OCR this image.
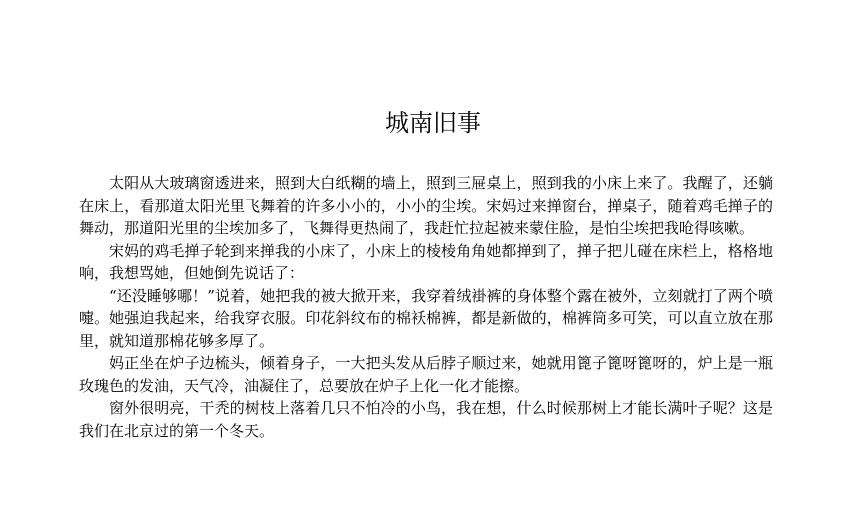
城南旧事

太阳从大玻璃窗透进来，照到大白纸糊的墙上，照到三屉桌上，照到我的小床上来了。我醒了，还躺在床上，看那道太阳光里飞舞着的许多小小的，小小的尘埃。宋妈过来掸窗台，掸桌子，随着鸡毛掸子的舞动，那道阳光里的尘埃加多了，飞舞得更热闹了，我赶忙拉起被来蒙住脸，是怕尘埃把我呛得咳嗽。

宋妈的鸡毛掸子轮到来掸我的小床了，小床上的棱棱角角她都掸到了，掸子把儿碰在床栏上，格格地响，我想骂她，但她倒先说话了：

“还没睡够哪！”说着，她把我的被大掀开来，我穿着绒褂裤的身体整个露在被外，立刻就打了两个喷嚏。她强迫我起来，给我穿衣服。印花斜纹布的棉袄棉裤，都是新做的，棉裤筒多可笑，可以直立放在那里，就知道那棉花够多厚了。

妈正坐在炉子边梳头，倾着身子，一大把头发从后脖子顺过来，她就用篦子篦呀篦呀的，炉上是一瓶玫瑰色的发油，天气冷，油凝住了，总要放在炉子上化一化才能擦。

窗外很明亮，干秃的树枝上落着几只不怕冷的小鸟，我在想，什么时候那树上才能长满叶子呢？这是我们在北京过的第一个冬天。
